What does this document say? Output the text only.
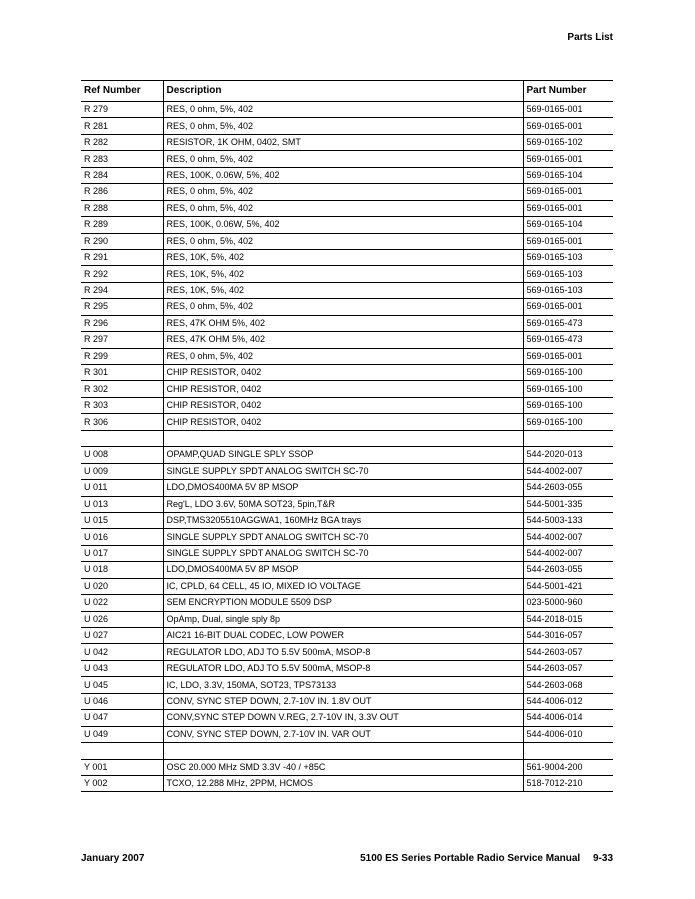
Parts List
Ref Number	Description	Part Number
R 279	RES, 0 ohm, 5%, 402	569-0165-001
R 281	RES, 0 ohm, 5%, 402	569-0165-001
R 282	RESISTOR, 1K OHM, 0402, SMT	569-0165-102
R 283	RES, 0 ohm, 5%, 402	569-0165-001
R 284	RES, 100K, 0.06W, 5%, 402	569-0165-104
R 286	RES, 0 ohm, 5%, 402	569-0165-001
R 288	RES, 0 ohm, 5%, 402	569-0165-001
R 289	RES, 100K, 0.06W, 5%, 402	569-0165-104
R 290	RES, 0 ohm, 5%, 402	569-0165-001
R 291	RES, 10K, 5%, 402	569-0165-103
R 292	RES, 10K, 5%, 402	569-0165-103
R 294	RES, 10K, 5%, 402	569-0165-103
R 295	RES, 0 ohm, 5%, 402	569-0165-001
R 296	RES, 47K OHM 5%, 402	569-0165-473
R 297	RES, 47K OHM 5%, 402	569-0165-473
R 299	RES, 0 ohm, 5%, 402	569-0165-001
R 301	CHIP RESISTOR, 0402	569-0165-100
R 302	CHIP RESISTOR, 0402	569-0165-100
R 303	CHIP RESISTOR, 0402	569-0165-100
R 306	CHIP RESISTOR, 0402	569-0165-100

U 008	OPAMP,QUAD SINGLE SPLY SSOP	544-2020-013
U 009	SINGLE SUPPLY SPDT ANALOG SWITCH SC-70	544-4002-007
U 011	LDO,DMOS400MA 5V 8P MSOP	544-2603-055
U 013	Reg'L, LDO 3.6V, 50MA SOT23, 5pin,T&R	544-5001-335
U 015	DSP,TMS3205510AGGWA1, 160MHz BGA trays	544-5003-133
U 016	SINGLE SUPPLY SPDT ANALOG SWITCH SC-70	544-4002-007
U 017	SINGLE SUPPLY SPDT ANALOG SWITCH SC-70	544-4002-007
U 018	LDO,DMOS400MA 5V 8P MSOP	544-2603-055
U 020	IC, CPLD, 64 CELL, 45 IO, MIXED IO VOLTAGE	544-5001-421
U 022	SEM ENCRYPTION MODULE 5509 DSP	023-5000-960
U 026	OpAmp, Dual, single sply 8p	544-2018-015
U 027	AIC21 16-BIT DUAL CODEC, LOW POWER	544-3016-057
U 042	REGULATOR LDO, ADJ TO 5.5V 500mA, MSOP-8	544-2603-057
U 043	REGULATOR LDO, ADJ TO 5.5V 500mA, MSOP-8	544-2603-057
U 045	IC, LDO, 3.3V, 150MA, SOT23, TPS73133	544-2603-068
U 046	CONV, SYNC STEP DOWN, 2.7-10V IN. 1.8V OUT	544-4006-012
U 047	CONV,SYNC STEP DOWN V.REG, 2.7-10V IN, 3.3V OUT	544-4006-014
U 049	CONV, SYNC STEP DOWN, 2.7-10V IN. VAR OUT	544-4006-010

Y 001	OSC 20.000 MHz SMD 3.3V -40 / +85C	561-9004-200
Y 002	TCXO, 12.288 MHz, 2PPM, HCMOS	518-7012-210
January 2007	5100 ES Series Portable Radio Service Manual 9-33
